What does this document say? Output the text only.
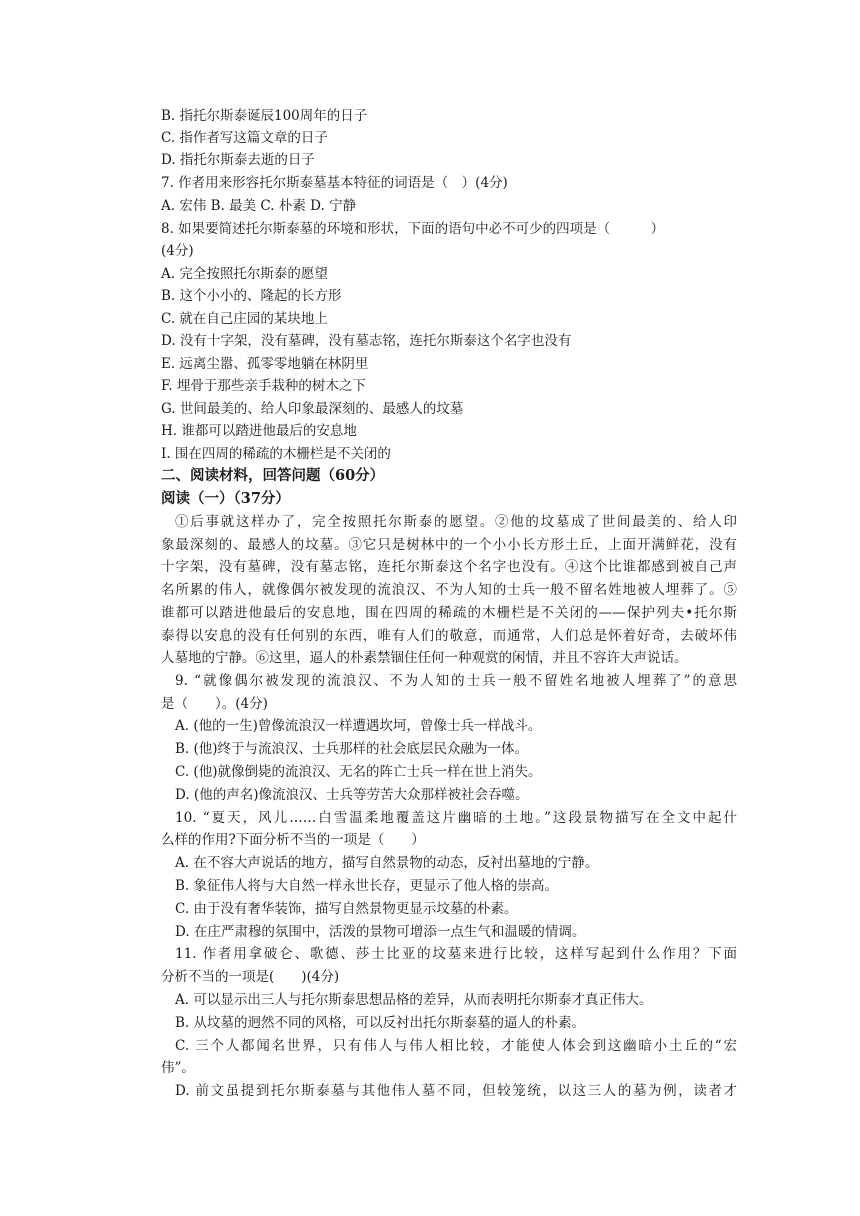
B. 指托尔斯泰诞辰100周年的日子
C. 指作者写这篇文章的日子
D. 指托尔斯泰去逝的日子
7. 作者用来形容托尔斯泰墓基本特征的词语是（　）(4分)
A. 宏伟 B. 最美 C. 朴素 D. 宁静
8. 如果要简述托尔斯泰墓的环境和形状，下面的语句中必不可少的四项是（　　　）
(4分)
A. 完全按照托尔斯泰的愿望
B. 这个小小的、隆起的长方形
C. 就在自己庄园的某块地上
D. 没有十字架，没有墓碑，没有墓志铭，连托尔斯泰这个名字也没有
E. 远离尘嚣、孤零零地躺在林阴里
F. 埋骨于那些亲手栽种的树木之下
G. 世间最美的、给人印象最深刻的、最感人的坟墓
H. 谁都可以踏进他最后的安息地
I. 围在四周的稀疏的木栅栏是不关闭的
二、阅读材料，回答问题（60分）
阅读（一）（37分）
①后事就这样办了，完全按照托尔斯泰的愿望。②他的坟墓成了世间最美的、给人印
象最深刻的、最感人的坟墓。③它只是树林中的一个小小长方形土丘，上面开满鲜花，没有
十字架，没有墓碑，没有墓志铭，连托尔斯泰这个名字也没有。④这个比谁都感到被自己声
名所累的伟人，就像偶尔被发现的流浪汉、不为人知的士兵一般不留名姓地被人埋葬了。⑤
谁都可以踏进他最后的安息地，围在四周的稀疏的木栅栏是不关闭的——保护列夫•托尔斯
泰得以安息的没有任何别的东西，唯有人们的敬意，而通常，人们总是怀着好奇，去破坏伟
人墓地的宁静。⑥这里，逼人的朴素禁锢住任何一种观赏的闲情，并且不容许大声说话。
9. “就像偶尔被发现的流浪汉、不为人知的士兵一般不留姓名地被人埋葬了”的意思
是（　　）。(4分)
A. (他的一生)曾像流浪汉一样遭遇坎坷，曾像士兵一样战斗。
B. (他)终于与流浪汉、士兵那样的社会底层民众融为一体。
C. (他)就像倒毙的流浪汉、无名的阵亡士兵一样在世上消失。
D. (他的声名)像流浪汉、士兵等劳苦大众那样被社会吞噬。
10. “夏天，风儿……白雪温柔地覆盖这片幽暗的土地。”这段景物描写在全文中起什
么样的作用?下面分析不当的一项是（　　）
A. 在不容大声说话的地方，描写自然景物的动态，反衬出墓地的宁静。
B. 象征伟人将与大自然一样永世长存，更显示了他人格的崇高。
C. 由于没有奢华装饰，描写自然景物更显示坟墓的朴素。
D. 在庄严肃穆的氛围中，活泼的景物可增添一点生气和温暖的情调。
11. 作者用拿破仑、歌德、莎士比亚的坟墓来进行比较，这样写起到什么作用？下面
分析不当的一项是(　　)(4分)
A. 可以显示出三人与托尔斯泰思想品格的差异，从而表明托尔斯泰才真正伟大。
B. 从坟墓的迥然不同的风格，可以反衬出托尔斯泰墓的逼人的朴素。
C. 三个人都闻名世界，只有伟人与伟人相比较，才能使人体会到这幽暗小土丘的“宏
伟”。
D. 前文虽提到托尔斯泰墓与其他伟人墓不同，但较笼统，以这三人的墓为例，读者才
